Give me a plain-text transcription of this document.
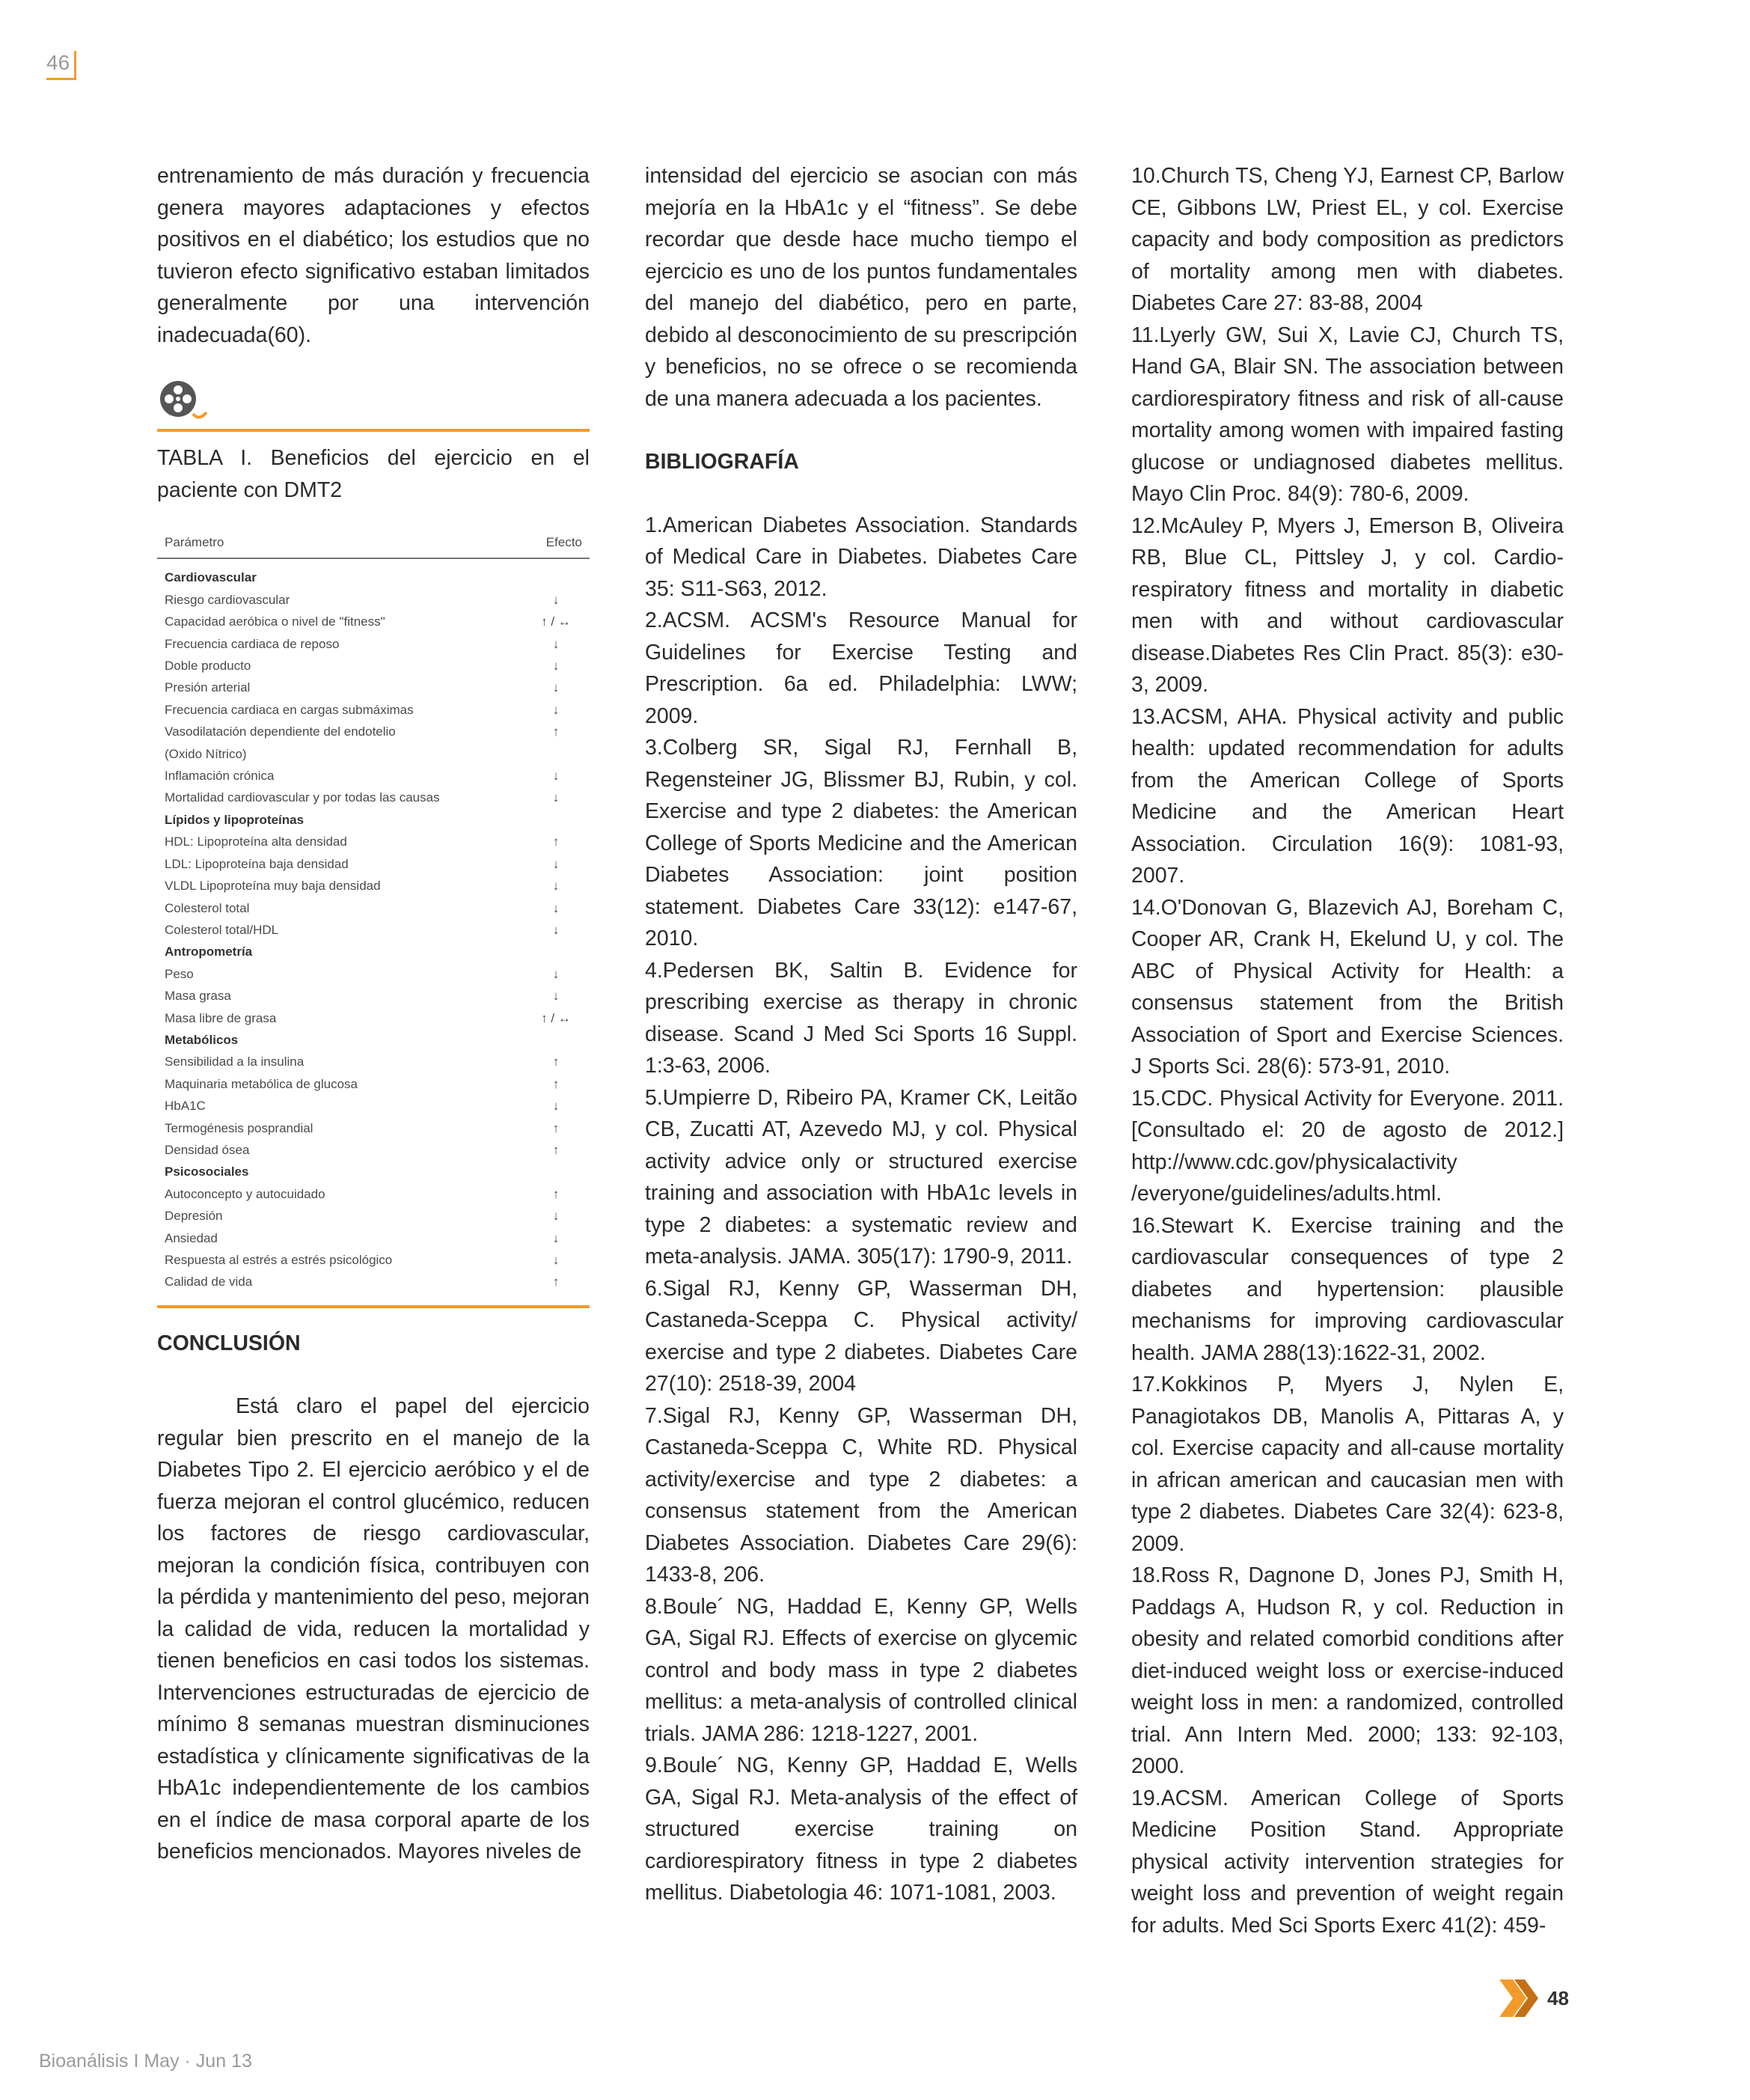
46

entrenamiento de más duración y frecuencia genera mayores adaptaciones y efectos positivos en el diabético; los estudios que no tuvieron efecto significativo estaban limitados generalmente por una intervención inadecuada(60).

TABLA I. Beneficios del ejercicio en el paciente con DMT2

Parámetro	Efecto
Cardiovascular
Riesgo cardiovascular	↓
Capacidad aeróbica o nivel de "fitness"	↑ / ↔
Frecuencia cardiaca de reposo	↓
Doble producto	↓
Presión arterial	↓
Frecuencia cardiaca en cargas submáximas	↓
Vasodilatación dependiente del endotelio	↑
(Oxido Nítrico)
Inflamación crónica	↓
Mortalidad cardiovascular y por todas las causas	↓
Lípidos y lipoproteínas
HDL: Lipoproteína alta densidad	↑
LDL: Lipoproteína baja densidad	↓
VLDL Lipoproteína muy baja densidad	↓
Colesterol total	↓
Colesterol total/HDL	↓
Antropometría
Peso	↓
Masa grasa	↓
Masa libre de grasa	↑ / ↔
Metabólicos
Sensibilidad a la insulina	↑
Maquinaria metabólica de glucosa	↑
HbA1C	↓
Termogénesis posprandial	↑
Densidad ósea	↑
Psicosociales
Autoconcepto y autocuidado	↑
Depresión	↓
Ansiedad	↓
Respuesta al estrés a estrés psicológico	↓
Calidad de vida	↑

CONCLUSIÓN

Está claro el papel del ejercicio regular bien prescrito en el manejo de la Diabetes Tipo 2. El ejercicio aeróbico y el de fuerza mejoran el control glucémico, reducen los factores de riesgo cardiovascular, mejoran la condición física, contribuyen con la pérdida y mantenimiento del peso, mejoran la calidad de vida, reducen la mortalidad y tienen beneficios en casi todos los sistemas. Intervenciones estructuradas de ejercicio de mínimo 8 semanas muestran disminuciones estadística y clínicamente significativas de la HbA1c independientemente de los cambios en el índice de masa corporal aparte de los beneficios mencionados. Mayores niveles de

intensidad del ejercicio se asocian con más mejoría en la HbA1c y el “fitness”. Se debe recordar que desde hace mucho tiempo el ejercicio es uno de los puntos fundamentales del manejo del diabético, pero en parte, debido al desconocimiento de su prescripción y beneficios, no se ofrece o se recomienda de una manera adecuada a los pacientes.

BIBLIOGRAFÍA

1.American Diabetes Association. Standards of Medical Care in Diabetes. Diabetes Care 35: S11-S63, 2012.

2.ACSM. ACSM's Resource Manual for Guidelines for Exercise Testing and Prescription. 6a ed. Philadelphia: LWW; 2009.

3.Colberg SR, Sigal RJ, Fernhall B, Regensteiner JG, Blissmer BJ, Rubin, y col. Exercise and type 2 diabetes: the American College of Sports Medicine and the American Diabetes Association: joint position statement. Diabetes Care 33(12): e147-67, 2010.

4.Pedersen BK, Saltin B. Evidence for prescribing exercise as therapy in chronic disease. Scand J Med Sci Sports 16 Suppl. 1:3-63, 2006.

5.Umpierre D, Ribeiro PA, Kramer CK, Leitão CB, Zucatti AT, Azevedo MJ, y col. Physical activity advice only or structured exercise training and association with HbA1c levels in type 2 diabetes: a systematic review and meta-analysis. JAMA. 305(17): 1790-9, 2011.

6.Sigal RJ, Kenny GP, Wasserman DH, Castaneda-Sceppa C. Physical activity/ exercise and type 2 diabetes. Diabetes Care 27(10): 2518-39, 2004

7.Sigal RJ, Kenny GP, Wasserman DH, Castaneda-Sceppa C, White RD. Physical activity/exercise and type 2 diabetes: a consensus statement from the American Diabetes Association. Diabetes Care 29(6): 1433-8, 206.

8.Boule´ NG, Haddad E, Kenny GP, Wells GA, Sigal RJ. Effects of exercise on glycemic control and body mass in type 2 diabetes mellitus: a meta-analysis of controlled clinical trials. JAMA 286: 1218-1227, 2001.

9.Boule´ NG, Kenny GP, Haddad E, Wells GA, Sigal RJ. Meta-analysis of the effect of structured exercise training on cardiorespiratory fitness in type 2 diabetes mellitus. Diabetologia 46: 1071-1081, 2003.

10.Church TS, Cheng YJ, Earnest CP, Barlow CE, Gibbons LW, Priest EL, y col. Exercise capacity and body composition as predictors of mortality among men with diabetes. Diabetes Care 27: 83-88, 2004

11.Lyerly GW, Sui X, Lavie CJ, Church TS, Hand GA, Blair SN. The association between cardiorespiratory fitness and risk of all-cause mortality among women with impaired fasting glucose or undiagnosed diabetes mellitus. Mayo Clin Proc. 84(9): 780-6, 2009.

12.McAuley P, Myers J, Emerson B, Oliveira RB, Blue CL, Pittsley J, y col. Cardio-respiratory fitness and mortality in diabetic men with and without cardiovascular disease.Diabetes Res Clin Pract. 85(3): e30-3, 2009.

13.ACSM, AHA. Physical activity and public health: updated recommendation for adults from the American College of Sports Medicine and the American Heart Association. Circulation 16(9): 1081-93, 2007.

14.O'Donovan G, Blazevich AJ, Boreham C, Cooper AR, Crank H, Ekelund U, y col. The ABC of Physical Activity for Health: a consensus statement from the British Association of Sport and Exercise Sciences. J Sports Sci. 28(6): 573-91, 2010.

15.CDC. Physical Activity for Everyone. 2011. [Consultado el: 20 de agosto de 2012.] http://www.cdc.gov/physicalactivity /everyone/guidelines/adults.html.

16.Stewart K. Exercise training and the cardiovascular consequences of type 2 diabetes and hypertension: plausible mechanisms for improving cardiovascular health. JAMA 288(13):1622-31, 2002.

17.Kokkinos P, Myers J, Nylen E, Panagiotakos DB, Manolis A, Pittaras A, y col. Exercise capacity and all-cause mortality in african american and caucasian men with type 2 diabetes. Diabetes Care 32(4): 623-8, 2009.

18.Ross R, Dagnone D, Jones PJ, Smith H, Paddags A, Hudson R, y col. Reduction in obesity and related comorbid conditions after diet-induced weight loss or exercise-induced weight loss in men: a randomized, controlled trial. Ann Intern Med. 2000; 133: 92-103, 2000.

19.ACSM. American College of Sports Medicine Position Stand. Appropriate physical activity intervention strategies for weight loss and prevention of weight regain for adults. Med Sci Sports Exerc 41(2): 459-

48
Bioanálisis I May · Jun 13
